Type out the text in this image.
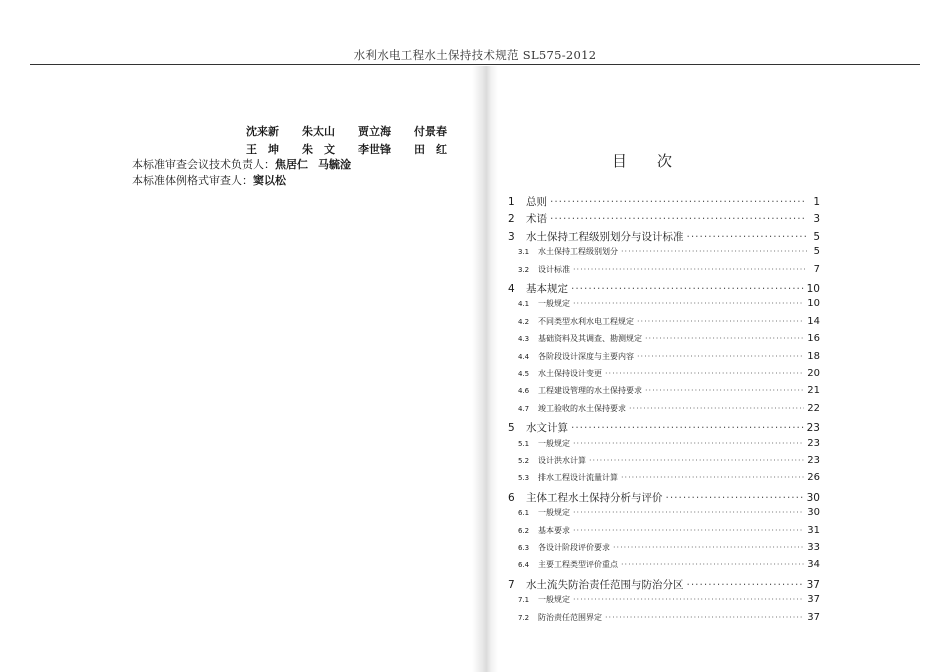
水利水电工程水土保持技术规范 SL575-2012
沈来新	朱太山	贾立海	付景春
王　坤	朱　文	李世锋	田　红
本标准审查会议技术负责人：焦居仁 马毓淦
本标准体例格式审查人：窦以松
目　　次
1	总则 ·····	1
2	术语 ·····	3
3	水土保持工程级别划分与设计标准 ·····	5
3.1	水土保持工程级别划分 ·····	5
3.2	设计标准 ·····	7
4	基本规定 ·····	10
4.1	一般规定 ·····	10
4.2	不同类型水利水电工程规定 ·····	14
4.3	基础资料及其调查、勘测规定 ·····	16
4.4	各阶段设计深度与主要内容 ·····	18
4.5	水土保持设计变更 ·····	20
4.6	工程建设管理的水土保持要求 ·····	21
4.7	竣工验收的水土保持要求 ·····	22
5	水文计算 ·····	23
5.1	一般规定 ·····	23
5.2	设计洪水计算 ·····	23
5.3	排水工程设计流量计算 ·····	26
6	主体工程水土保持分析与评价 ·····	30
6.1	一般规定 ·····	30
6.2	基本要求 ·····	31
6.3	各设计阶段评价要求 ·····	33
6.4	主要工程类型评价重点 ·····	34
7	水土流失防治责任范围与防治分区 ·····	37
7.1	一般规定 ·····	37
7.2	防治责任范围界定 ·····	37
